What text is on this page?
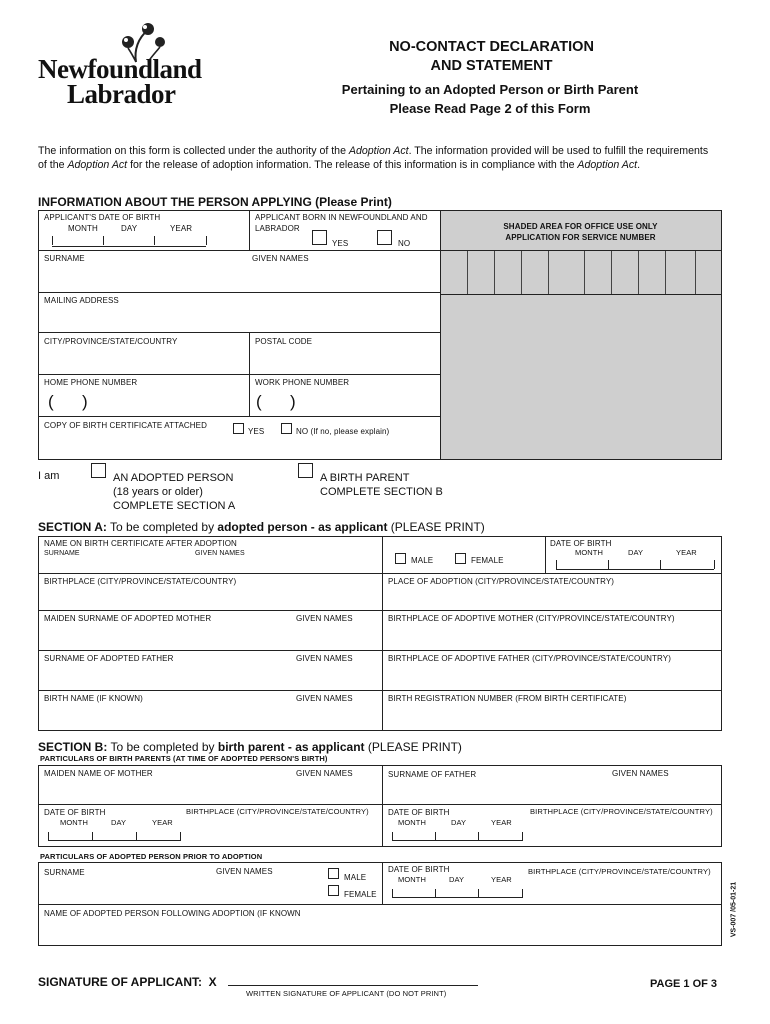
Newfoundland
Labrador
NO-CONTACT DECLARATION
AND STATEMENT
Pertaining to an Adopted Person or Birth Parent
Please Read Page 2 of this Form
The information on this form is collected under the authority of the Adoption Act. The information provided will be used to fulfill the requirements of the Adoption Act for the release of adoption information. The release of this information is in compliance with the Adoption Act.
INFORMATION ABOUT THE PERSON APPLYING (Please Print)
SHADED AREA FOR OFFICE USE ONLY
APPLICATION FOR SERVICE NUMBER
APPLICANT'S DATE OF BIRTH
MONTH	DAY	YEAR
APPLICANT BORN IN NEWFOUNDLAND AND
LABRADOR
YES	NO
SURNAME	GIVEN NAMES
MAILING ADDRESS
CITY/PROVINCE/STATE/COUNTRY	POSTAL CODE
HOME PHONE NUMBER
(      )
WORK PHONE NUMBER
(      )
COPY OF BIRTH CERTIFICATE ATTACHED
YES	NO (If no, please explain)
I am	AN ADOPTED PERSON
(18 years or older)
COMPLETE SECTION A
A BIRTH PARENT
COMPLETE SECTION B
SECTION A: To be completed by adopted person - as applicant (PLEASE PRINT)
NAME ON BIRTH CERTIFICATE AFTER ADOPTION
SURNAME	GIVEN NAMES
MALE	FEMALE
DATE OF BIRTH
MONTH	DAY	YEAR
BIRTHPLACE (CITY/PROVINCE/STATE/COUNTRY)	PLACE OF ADOPTION (CITY/PROVINCE/STATE/COUNTRY)
MAIDEN SURNAME OF ADOPTED MOTHER	GIVEN NAMES	BIRTHPLACE OF ADOPTIVE MOTHER (CITY/PROVINCE/STATE/COUNTRY)
SURNAME OF ADOPTED FATHER	GIVEN NAMES	BIRTHPLACE OF ADOPTIVE FATHER (CITY/PROVINCE/STATE/COUNTRY)
BIRTH NAME (IF KNOWN)	GIVEN NAMES	BIRTH REGISTRATION NUMBER (FROM BIRTH CERTIFICATE)
SECTION B: To be completed by birth parent - as applicant (PLEASE PRINT)
PARTICULARS OF BIRTH PARENTS (AT TIME OF ADOPTED PERSON'S BIRTH)
MAIDEN NAME OF MOTHER	GIVEN NAMES	SURNAME OF FATHER	GIVEN NAMES
DATE OF BIRTH
MONTH	DAY	YEAR
BIRTHPLACE (CITY/PROVINCE/STATE/COUNTRY) DATE OF BIRTH
MONTH	DAY	YEAR
BIRTHPLACE (CITY/PROVINCE/STATE/COUNTRY)
PARTICULARS OF ADOPTED PERSON PRIOR TO ADOPTION
SURNAME	GIVEN NAMES
MALE
FEMALE
DATE OF BIRTH
MONTH	DAY	YEAR
BIRTHPLACE (CITY/PROVINCE/STATE/COUNTRY)
NAME OF ADOPTED PERSON FOLLOWING ADOPTION (IF KNOWN	VS-007 /05-01-21
SIGNATURE OF APPLICANT:  X
WRITTEN SIGNATURE OF APPLICANT (DO NOT PRINT)
PAGE 1 OF 3
